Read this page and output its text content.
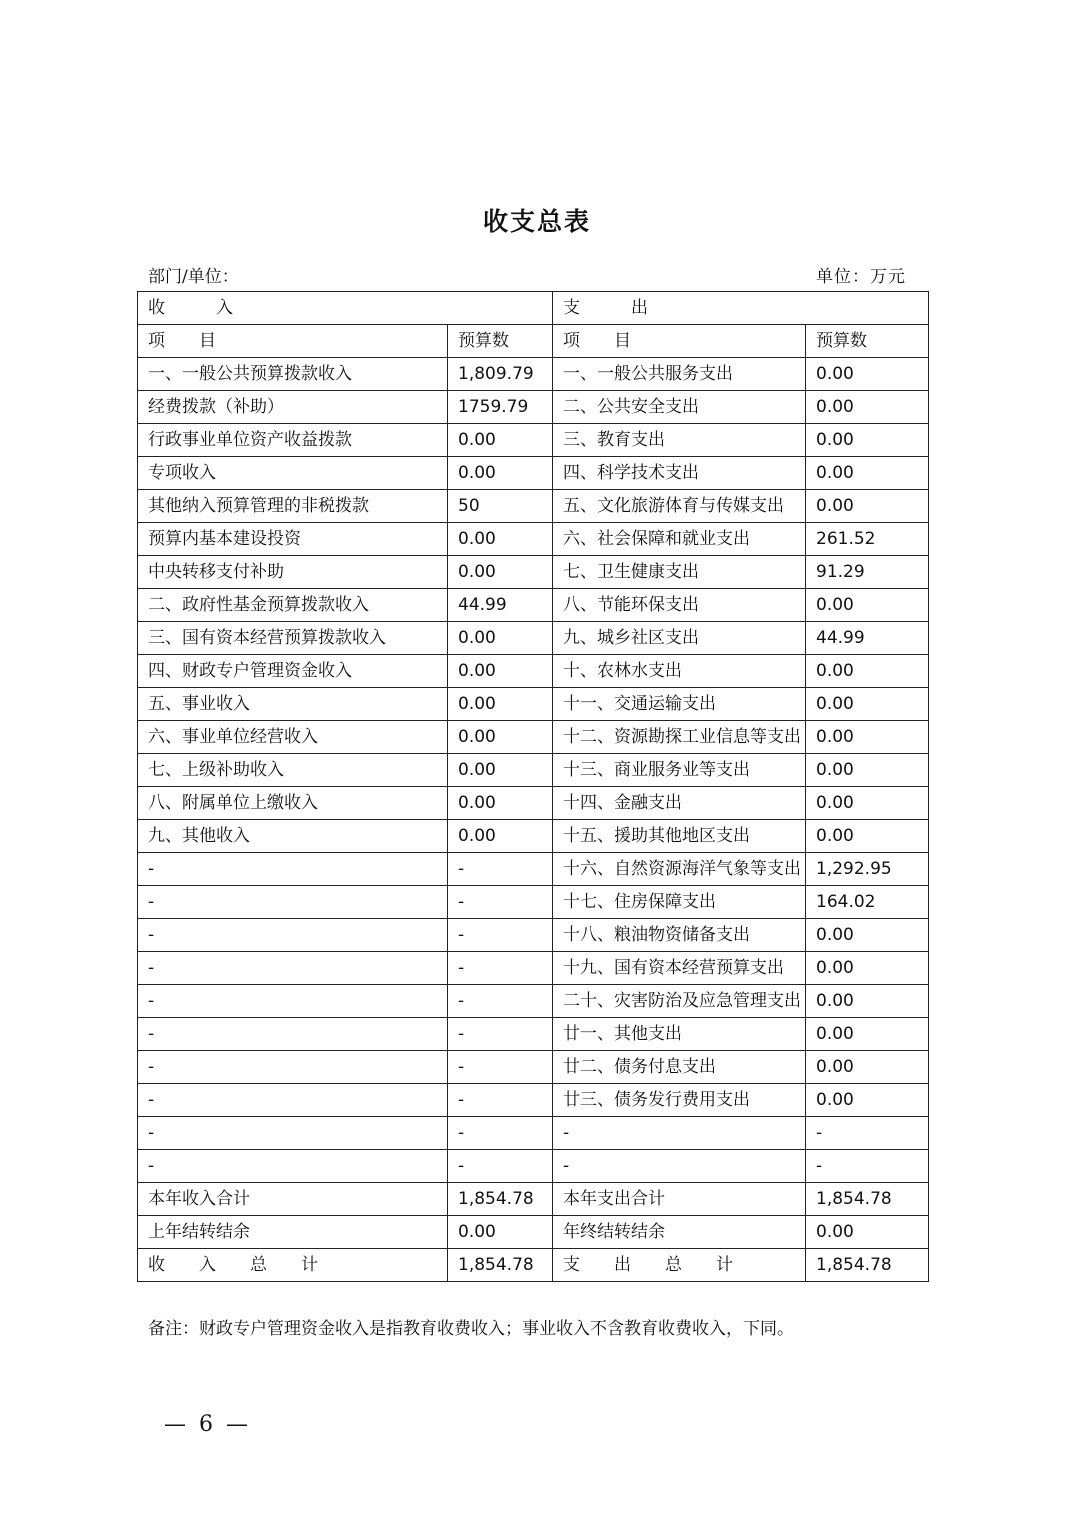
收支总表
部门/单位：	单位：万元
收　　　入		支　　　出	
项　　目	预算数	项　　目	预算数
一、一般公共预算拨款收入	1,809.79	一、一般公共服务支出	0.00
经费拨款（补助）	1759.79	二、公共安全支出	0.00
行政事业单位资产收益拨款	0.00	三、教育支出	0.00
专项收入	0.00	四、科学技术支出	0.00
其他纳入预算管理的非税拨款	50	五、文化旅游体育与传媒支出	0.00
预算内基本建设投资	0.00	六、社会保障和就业支出	261.52
中央转移支付补助	0.00	七、卫生健康支出	91.29
二、政府性基金预算拨款收入	44.99	八、节能环保支出	0.00
三、国有资本经营预算拨款收入	0.00	九、城乡社区支出	44.99
四、财政专户管理资金收入	0.00	十、农林水支出	0.00
五、事业收入	0.00	十一、交通运输支出	0.00
六、事业单位经营收入	0.00	十二、资源勘探工业信息等支出	0.00
七、上级补助收入	0.00	十三、商业服务业等支出	0.00
八、附属单位上缴收入	0.00	十四、金融支出	0.00
九、其他收入	0.00	十五、援助其他地区支出	0.00
-	-	十六、自然资源海洋气象等支出	1,292.95
-	-	十七、住房保障支出	164.02
-	-	十八、粮油物资储备支出	0.00
-	-	十九、国有资本经营预算支出	0.00
-	-	二十、灾害防治及应急管理支出	0.00
-	-	廿一、其他支出	0.00
-	-	廿二、债务付息支出	0.00
-	-	廿三、债务发行费用支出	0.00
-	-	-	-
-	-	-	-
本年收入合计	1,854.78	本年支出合计	1,854.78
上年结转结余	0.00	年终结转结余	0.00
收　　入　　总　　计	1,854.78	支　　出　　总　　计	1,854.78
备注：财政专户管理资金收入是指教育收费收入；事业收入不含教育收费收入，下同。
— 6 —
